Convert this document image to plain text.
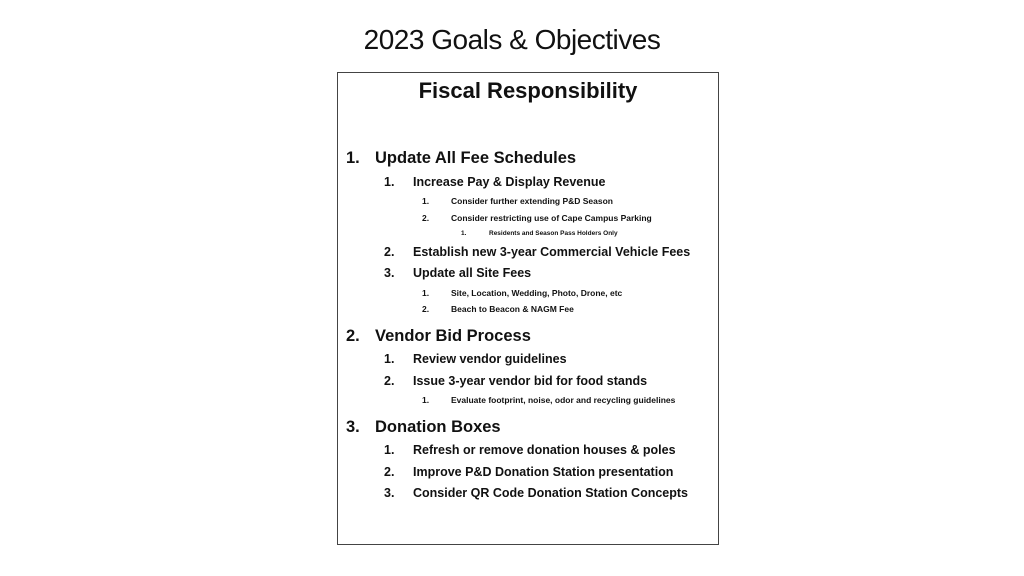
2023 Goals & Objectives
Fiscal Responsibility
1. Update All Fee Schedules
1. Increase Pay & Display Revenue
1.	Consider further extending P&D Season
2.	Consider restricting use of Cape Campus Parking
1.	Residents and Season Pass Holders Only
2. Establish new 3-year Commercial Vehicle Fees
3. Update all Site Fees
1.	Site, Location, Wedding, Photo, Drone, etc
2.	Beach to Beacon & NAGM Fee
2. Vendor Bid Process
1. Review vendor guidelines
2. Issue 3-year vendor bid for food stands
1.	Evaluate footprint, noise, odor and recycling guidelines
3. Donation Boxes
1. Refresh or remove donation houses & poles
2. Improve P&D Donation Station presentation
3. Consider QR Code Donation Station Concepts
